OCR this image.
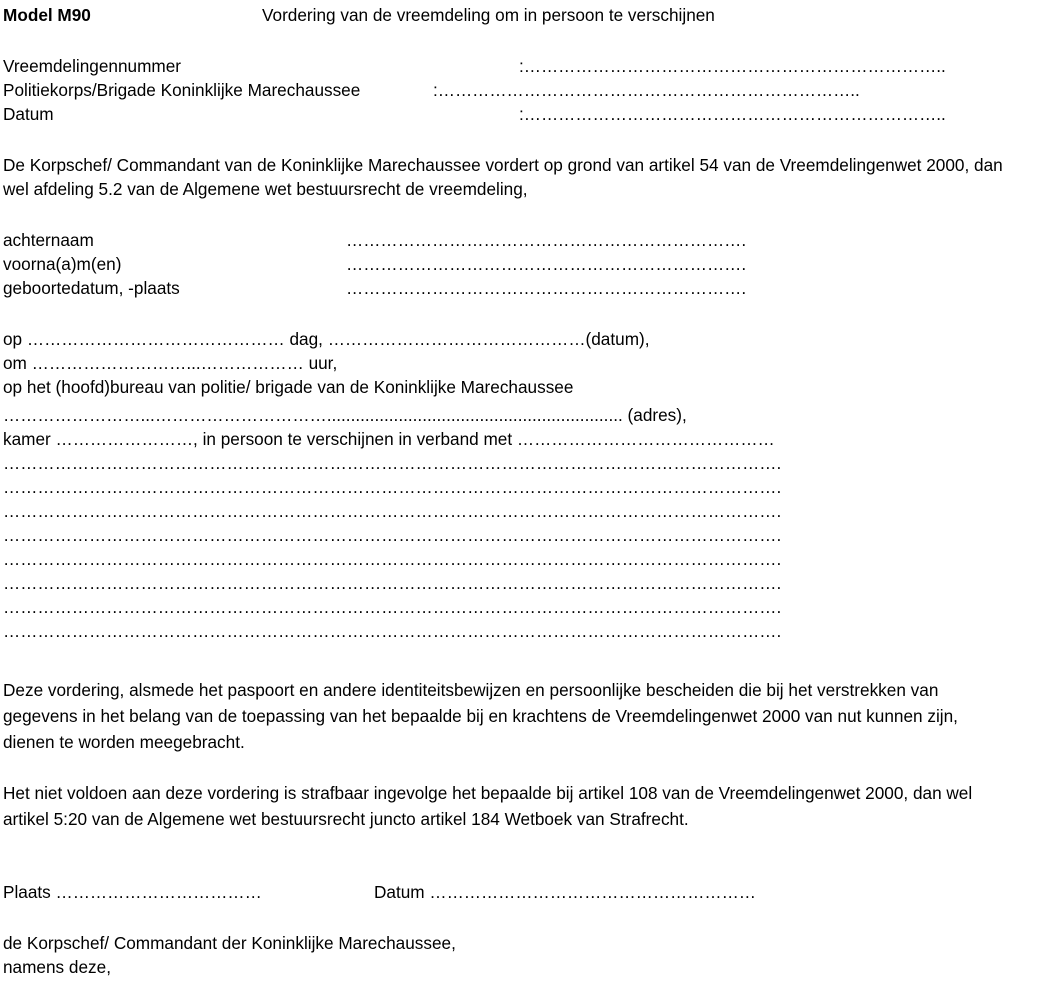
Model M90	Vordering van de vreemdeling om in persoon te verschijnen
Vreemdelingennummer	:………………………………………………………………..
Politiekorps/Brigade Koninklijke Marechaussee	:………………………………………………………………..
Datum	:………………………………………………………………..
De Korpschef/ Commandant van de Koninklijke Marechaussee vordert op grond van artikel 54 van de Vreemdelingenwet 2000, dan
wel afdeling 5.2 van de Algemene wet bestuursrecht de vreemdeling,
achternaam	…………………………………………………………….
voorna(a)m(en)	…………………………………………………………….
geboortedatum, -plaats	…………………………………………………………….
op ……………………………………… dag, ………………………………………(datum),
om ………………………...……………… uur,
op het (hoofd)bureau van politie/ brigade van de Koninklijke Marechaussee
……………………...………………………….............................................................. (adres),
kamer ……………………, in persoon te verschijnen in verband met ………………………………………
……………………………………………………………………………………………………………………….
……………………………………………………………………………………………………………………….
……………………………………………………………………………………………………………………….
……………………………………………………………………………………………………………………….
……………………………………………………………………………………………………………………….
……………………………………………………………………………………………………………………….
……………………………………………………………………………………………………………………….
……………………………………………………………………………………………………………………….
Deze vordering, alsmede het paspoort en andere identiteitsbewijzen en persoonlijke bescheiden die bij het verstrekken van
gegevens in het belang van de toepassing van het bepaalde bij en krachtens de Vreemdelingenwet 2000 van nut kunnen zijn,
dienen te worden meegebracht.
Het niet voldoen aan deze vordering is strafbaar ingevolge het bepaalde bij artikel 108 van de Vreemdelingenwet 2000, dan wel
artikel 5:20 van de Algemene wet bestuursrecht juncto artikel 184 Wetboek van Strafrecht.
Plaats ………………………………	Datum …………………………………………………
de Korpschef/ Commandant der Koninklijke Marechaussee,
namens deze,
